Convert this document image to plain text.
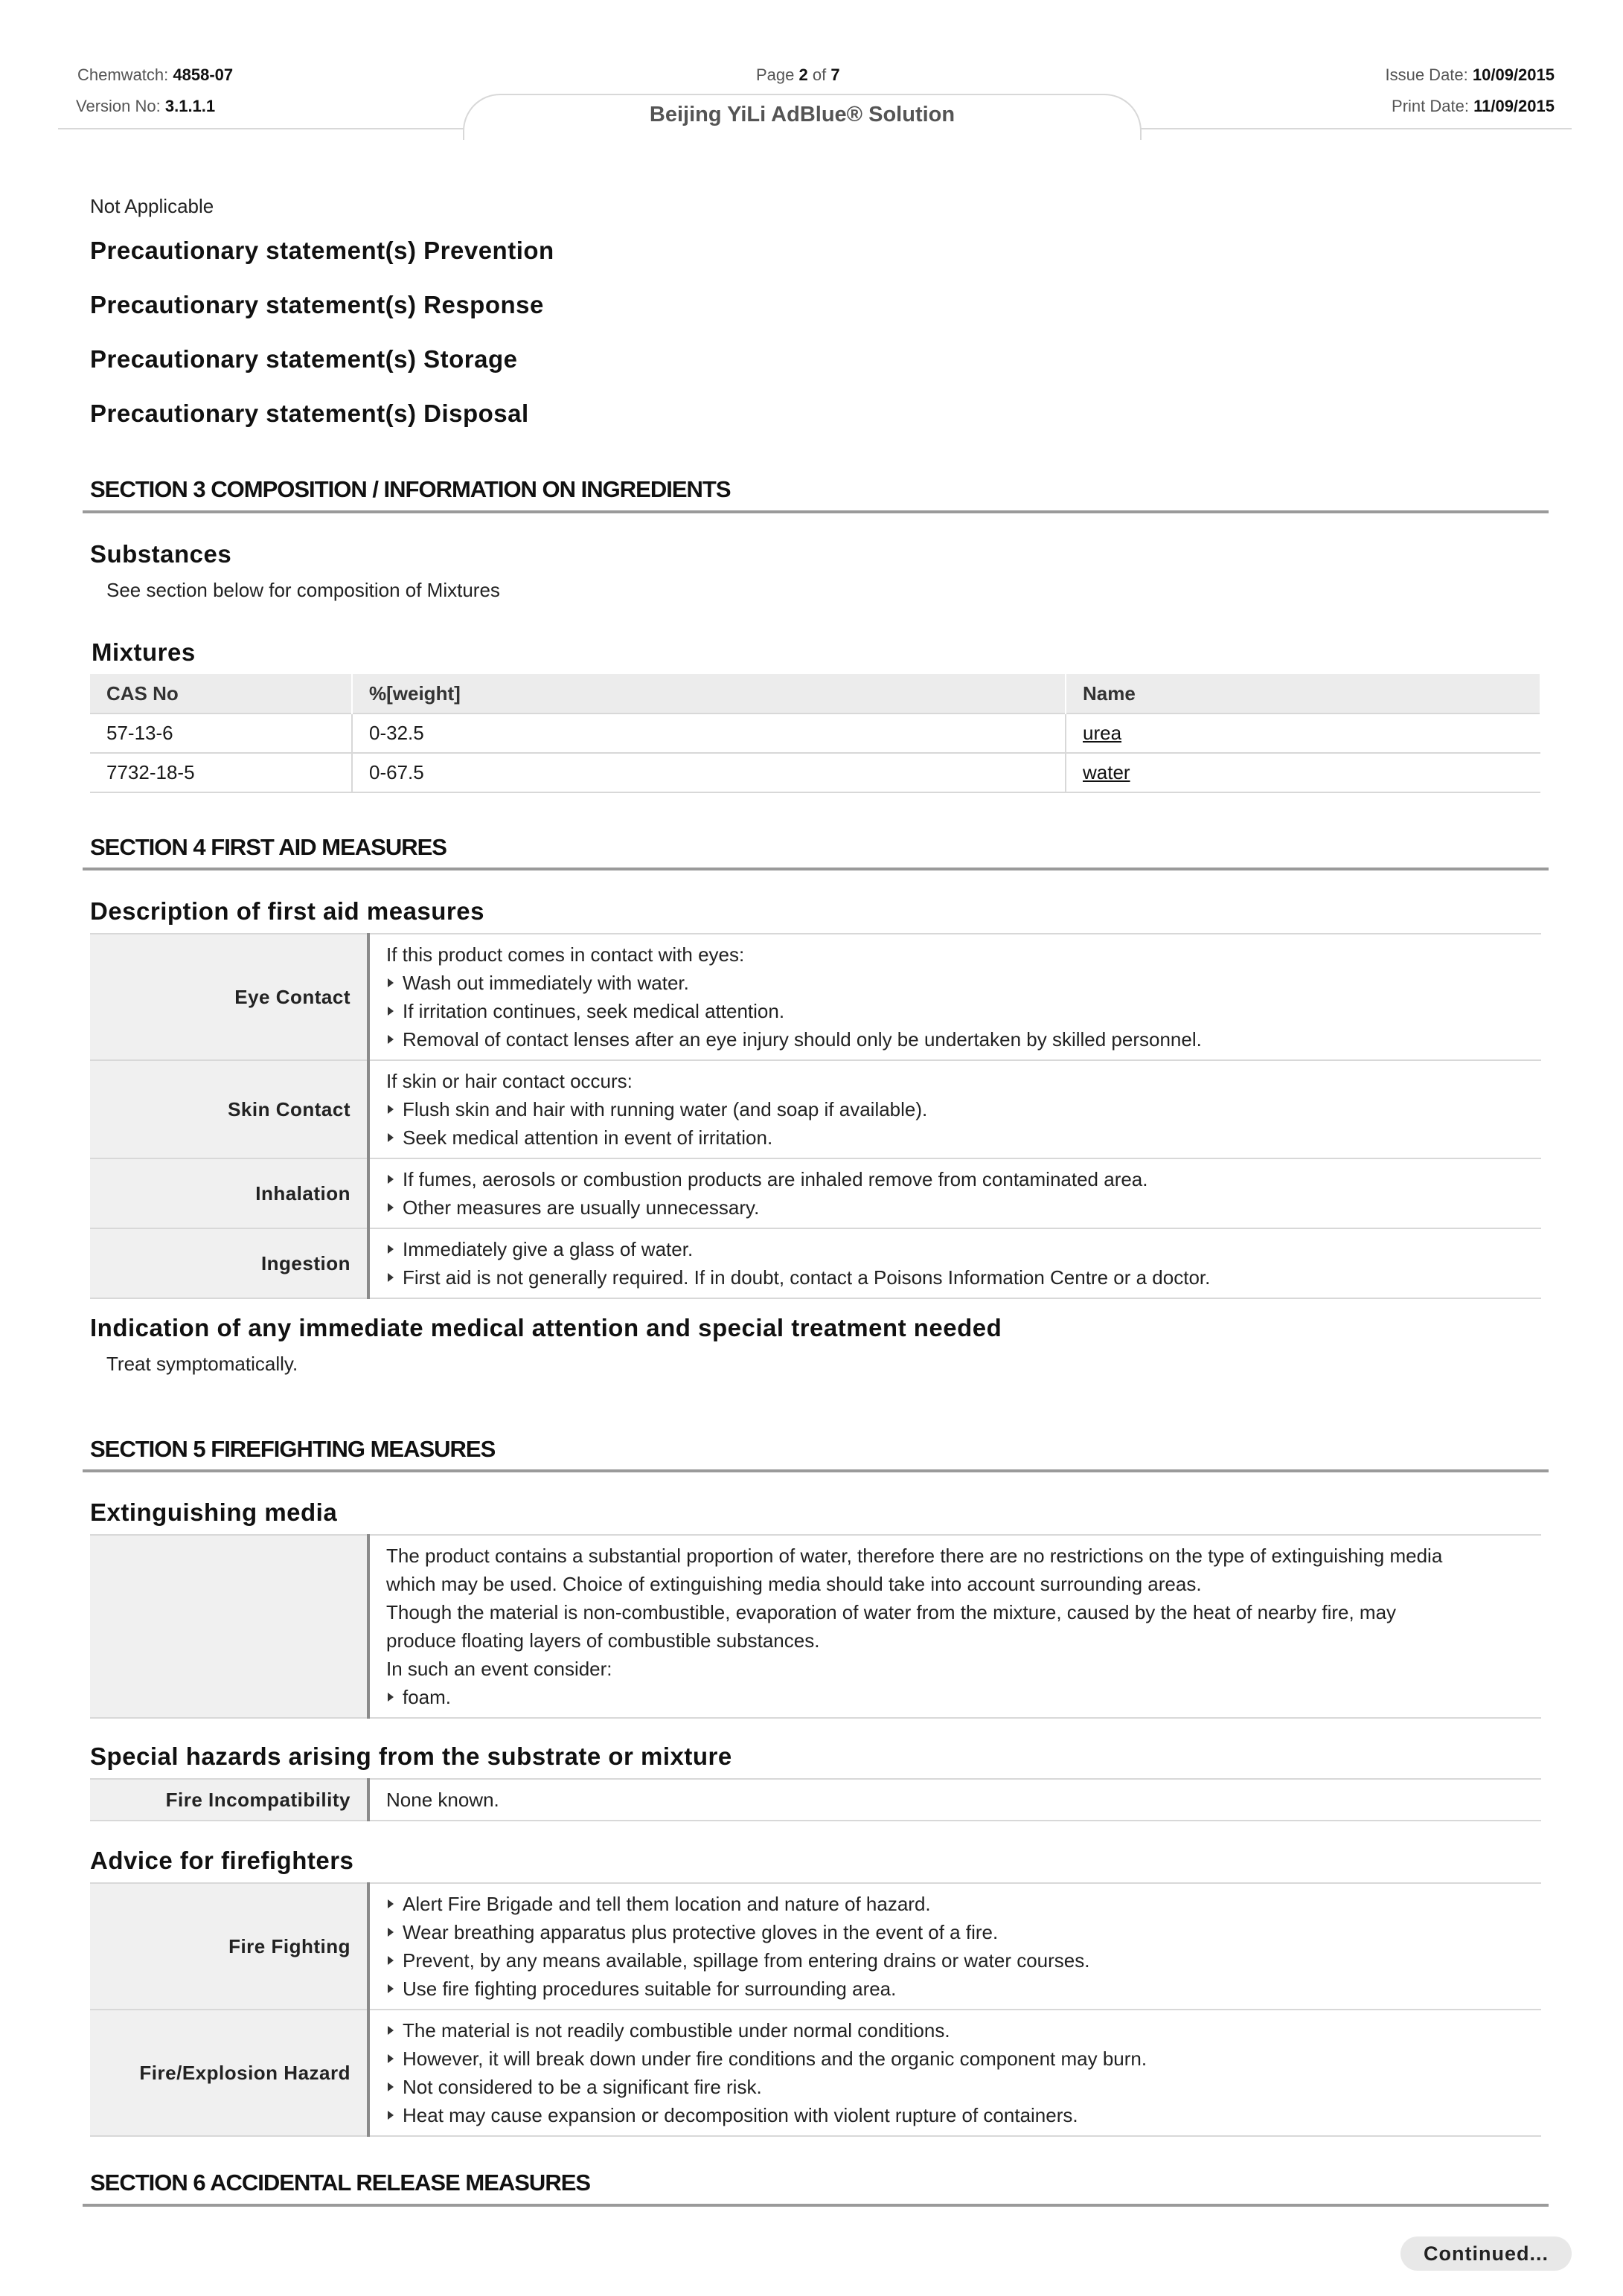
Chemwatch: 4858-07
Version No: 3.1.1.1
Page 2 of 7	Issue Date: 10/09/2015
Print Date: 11/09/2015
Beijing YiLi AdBlue® Solution
Not Applicable
Precautionary statement(s) Prevention
Precautionary statement(s) Response
Precautionary statement(s) Storage
Precautionary statement(s) Disposal
SECTION 3 COMPOSITION / INFORMATION ON INGREDIENTS
Substances
See section below for composition of Mixtures
Mixtures
CAS No	%[weight]	Name
57-13-6	0-32.5	urea
7732-18-5	0-67.5	water
SECTION 4 FIRST AID MEASURES
Description of first aid measures
Eye Contact	If this product comes in contact with eyes:
Wash out immediately with water.
If irritation continues, seek medical attention.
Removal of contact lenses after an eye injury should only be undertaken by skilled personnel.

Skin Contact	If skin or hair contact occurs:
Flush skin and hair with running water (and soap if available).
Seek medical attention in event of irritation.

Inhalation	If fumes, aerosols or combustion products are inhaled remove from contaminated area.
Other measures are usually unnecessary.

Ingestion	Immediately give a glass of water.
First aid is not generally required. If in doubt, contact a Poisons Information Centre or a doctor.
Indication of any immediate medical attention and special treatment needed
Treat symptomatically.
SECTION 5 FIREFIGHTING MEASURES
Extinguishing media

The product contains a substantial proportion of water, therefore there are no restrictions on the type of extinguishing media
which may be used. Choice of extinguishing media should take into account surrounding areas.
Though the material is non-combustible, evaporation of water from the mixture, caused by the heat of nearby fire, may
produce floating layers of combustible substances.
In such an event consider:
foam.
Special hazards arising from the substrate or mixture
Fire Incompatibility	None known.
Advice for firefighters
Fire Fighting	Alert Fire Brigade and tell them location and nature of hazard.
Wear breathing apparatus plus protective gloves in the event of a fire.
Prevent, by any means available, spillage from entering drains or water courses.
Use fire fighting procedures suitable for surrounding area.

Fire/Explosion Hazard	The material is not readily combustible under normal conditions.
However, it will break down under fire conditions and the organic component may burn.
Not considered to be a significant fire risk.
Heat may cause expansion or decomposition with violent rupture of containers.
SECTION 6 ACCIDENTAL RELEASE MEASURES
Continued...
